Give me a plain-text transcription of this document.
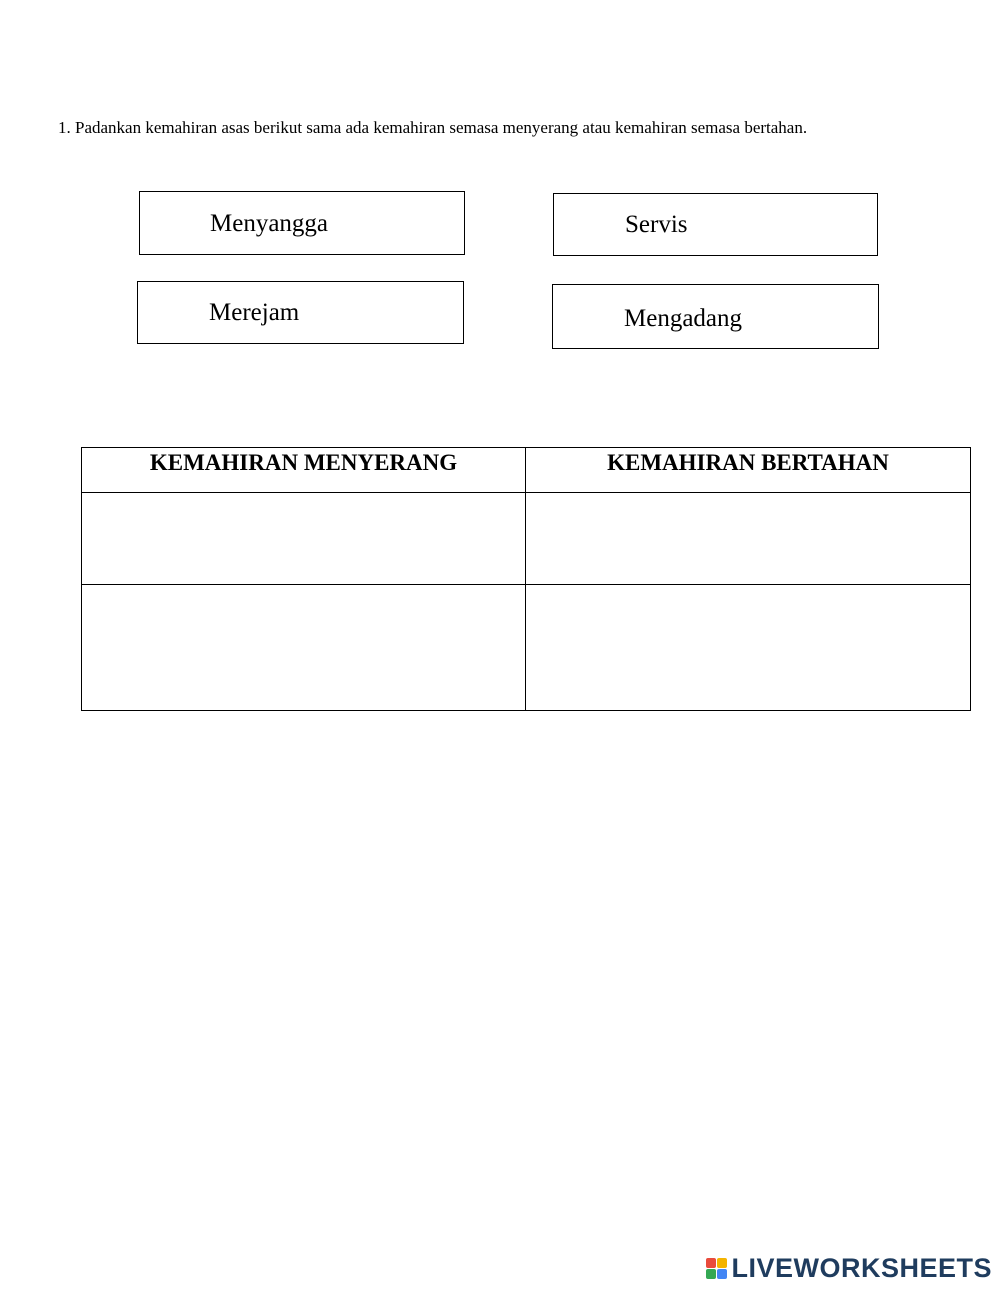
1. Padankan kemahiran asas berikut sama ada kemahiran semasa menyerang atau kemahiran semasa bertahan.
Menyangga	Servis
Merejam	Mengadang
KEMAHIRAN MENYERANG	KEMAHIRAN BERTAHAN

LIVEWORKSHEETS
